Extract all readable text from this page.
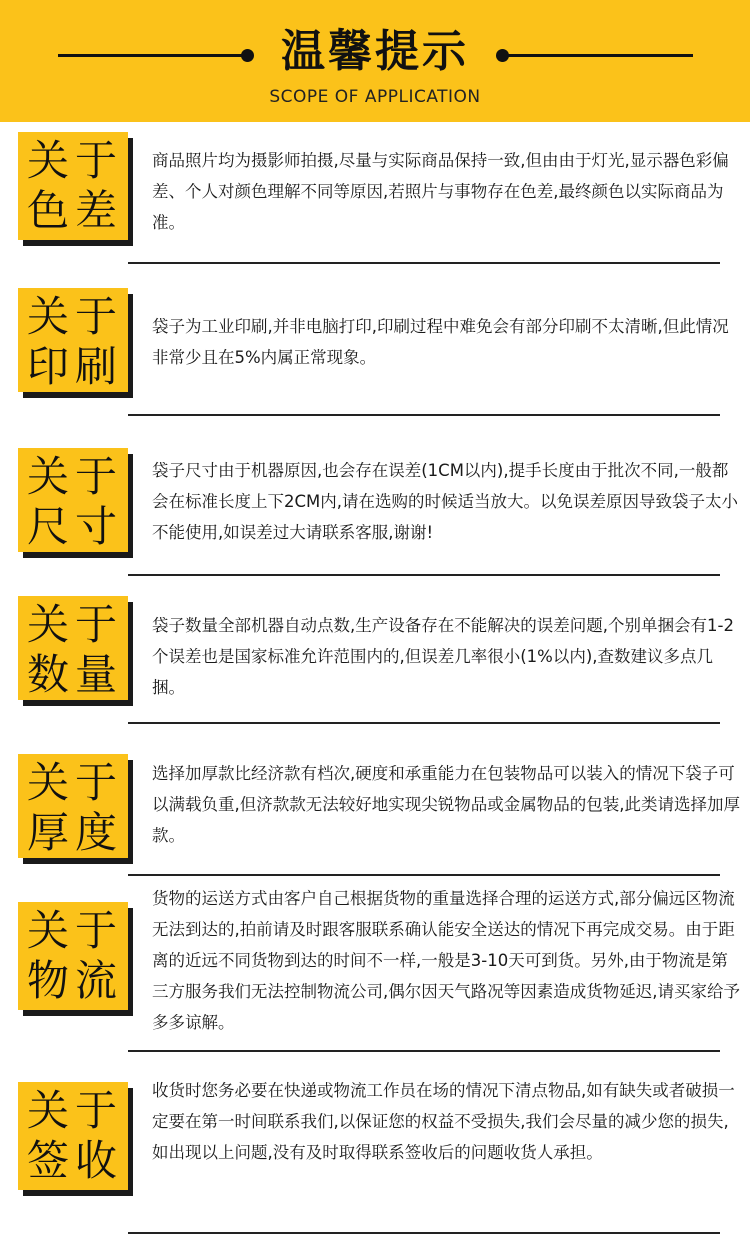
温馨提示
SCOPE OF APPLICATION
关于
色差
商品照片均为摄影师拍摄,尽量与实际商品保持一致,但由由于灯光,显示器色彩偏差、个人对颜色理解不同等原因,若照片与事物存在色差,最终颜色以实际商品为准。
关于
印刷
袋子为工业印刷,并非电脑打印,印刷过程中难免会有部分印刷不太清晰,但此情况非常少且在5%内属正常现象。
关于
尺寸
袋子尺寸由于机器原因,也会存在误差(1CM以内),提手长度由于批次不同,一般都会在标准长度上下2CM内,请在选购的时候适当放大。以免误差原因导致袋子太小不能使用,如误差过大请联系客服,谢谢!
关于
数量
袋子数量全部机器自动点数,生产设备存在不能解决的误差问题,个别单捆会有1-2个误差也是国家标准允许范围内的,但误差几率很小(1%以内),查数建议多点几捆。
关于
厚度
选择加厚款比经济款有档次,硬度和承重能力在包装物品可以装入的情况下袋子可以满载负重,但济款款无法较好地实现尖锐物品或金属物品的包装,此类请选择加厚款。
关于
物流
货物的运送方式由客户自己根据货物的重量选择合理的运送方式,部分偏远区物流无法到达的,拍前请及时跟客服联系确认能安全送达的情况下再完成交易。由于距离的近远不同货物到达的时间不一样,一般是3-10天可到货。另外,由于物流是第三方服务我们无法控制物流公司,偶尔因天气路况等因素造成货物延迟,请买家给予多多谅解。
关于
签收
收货时您务必要在快递或物流工作员在场的情况下清点物品,如有缺失或者破损一定要在第一时间联系我们,以保证您的权益不受损失,我们会尽量的减少您的损失,如出现以上问题,没有及时取得联系签收后的问题收货人承担。
